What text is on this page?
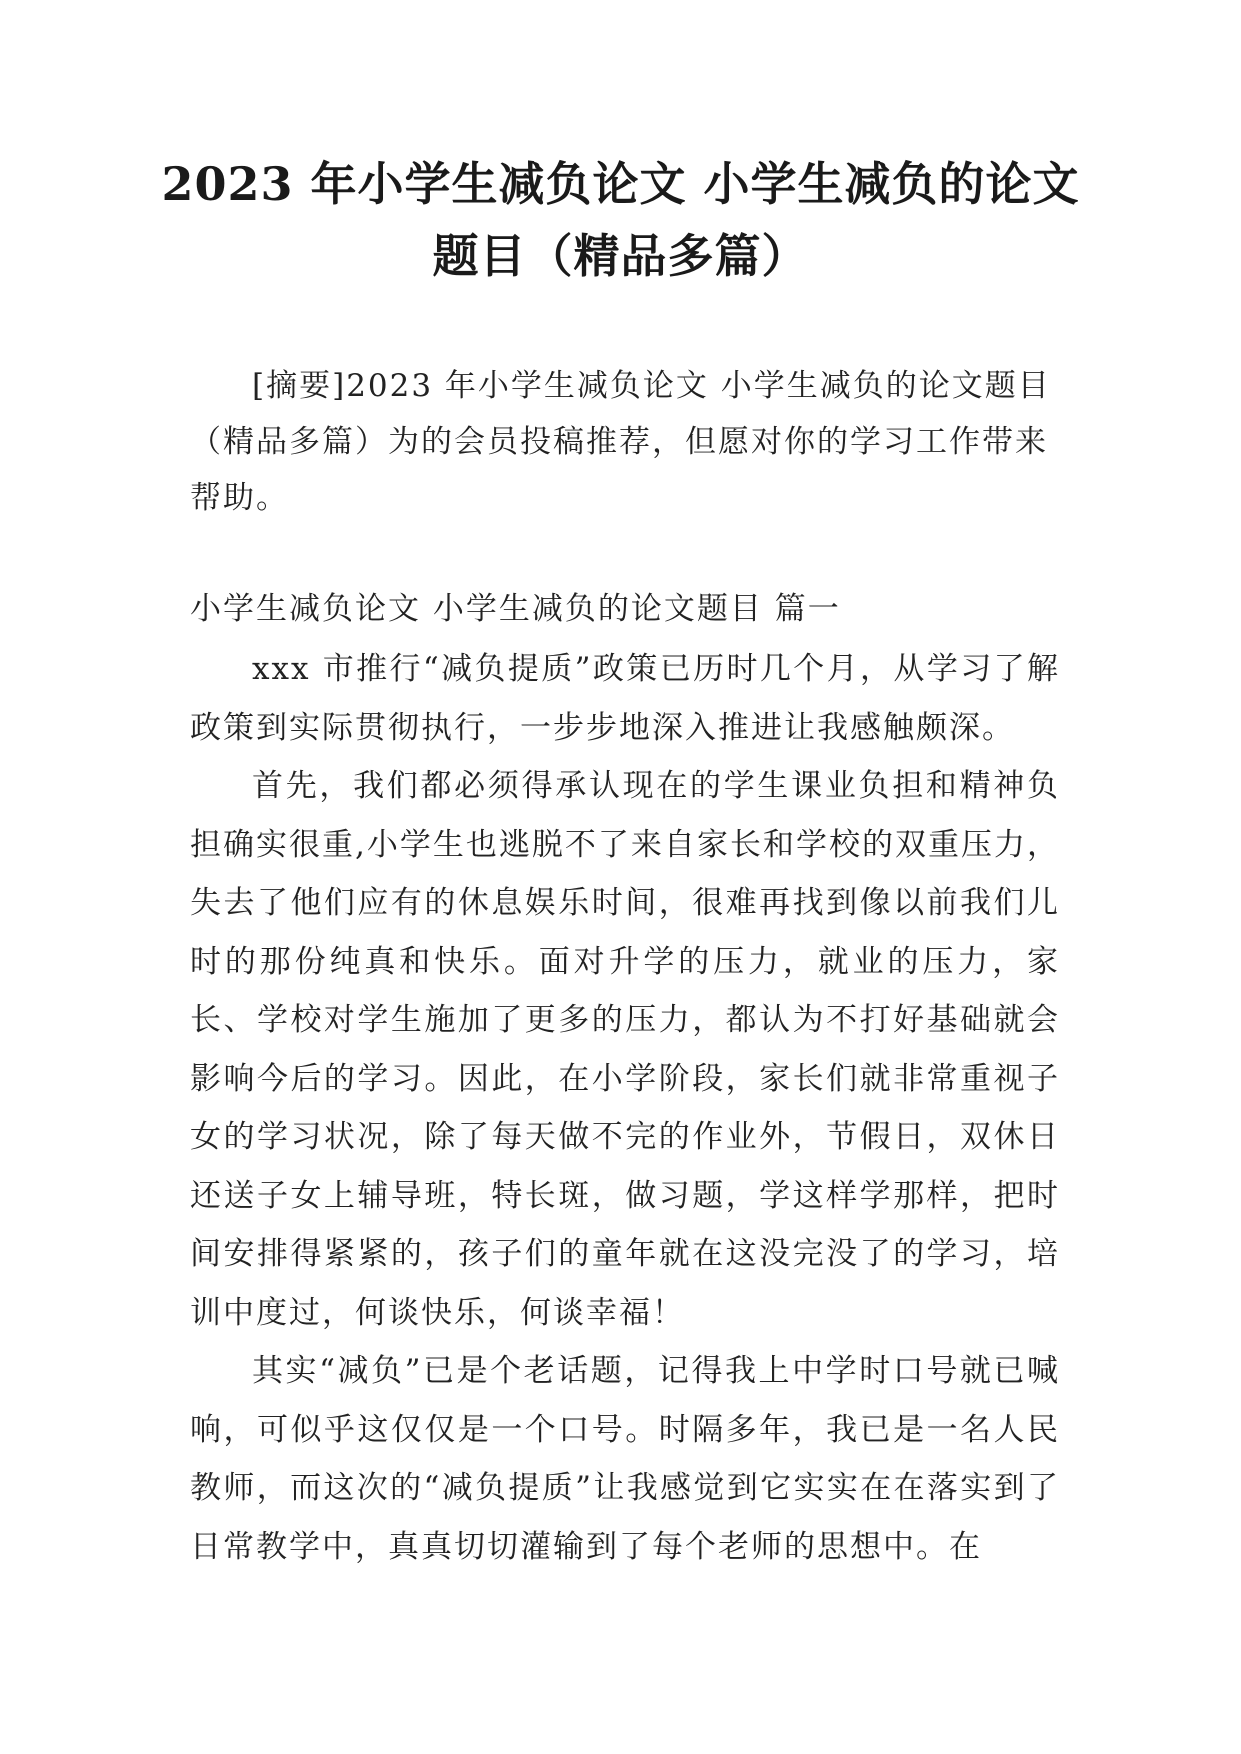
2023 年小学生减负论文 小学生减负的论文
题目（精品多篇）

[摘要]2023 年小学生减负论文 小学生减负的论文题目（精品多篇）为的会员投稿推荐，但愿对你的学习工作带来帮助。

小学生减负论文 小学生减负的论文题目 篇一

xxx 市推行“减负提质”政策已历时几个月，从学习了解政策到实际贯彻执行，一步步地深入推进让我感触颇深。

首先，我们都必须得承认现在的学生课业负担和精神负担确实很重,小学生也逃脱不了来自家长和学校的双重压力，失去了他们应有的休息娱乐时间，很难再找到像以前我们儿时的那份纯真和快乐。面对升学的压力，就业的压力，家长、学校对学生施加了更多的压力，都认为不打好基础就会影响今后的学习。因此，在小学阶段，家长们就非常重视子女的学习状况，除了每天做不完的作业外，节假日，双休日还送子女上辅导班，特长斑，做习题，学这样学那样，把时间安排得紧紧的，孩子们的童年就在这没完没了的学习，培训中度过，何谈快乐，何谈幸福！

其实“减负”已是个老话题，记得我上中学时口号就已喊响，可似乎这仅仅是一个口号。时隔多年，我已是一名人民教师，而这次的“减负提质”让我感觉到它实实在在落实到了日常教学中，真真切切灌输到了每个老师的思想中。在
